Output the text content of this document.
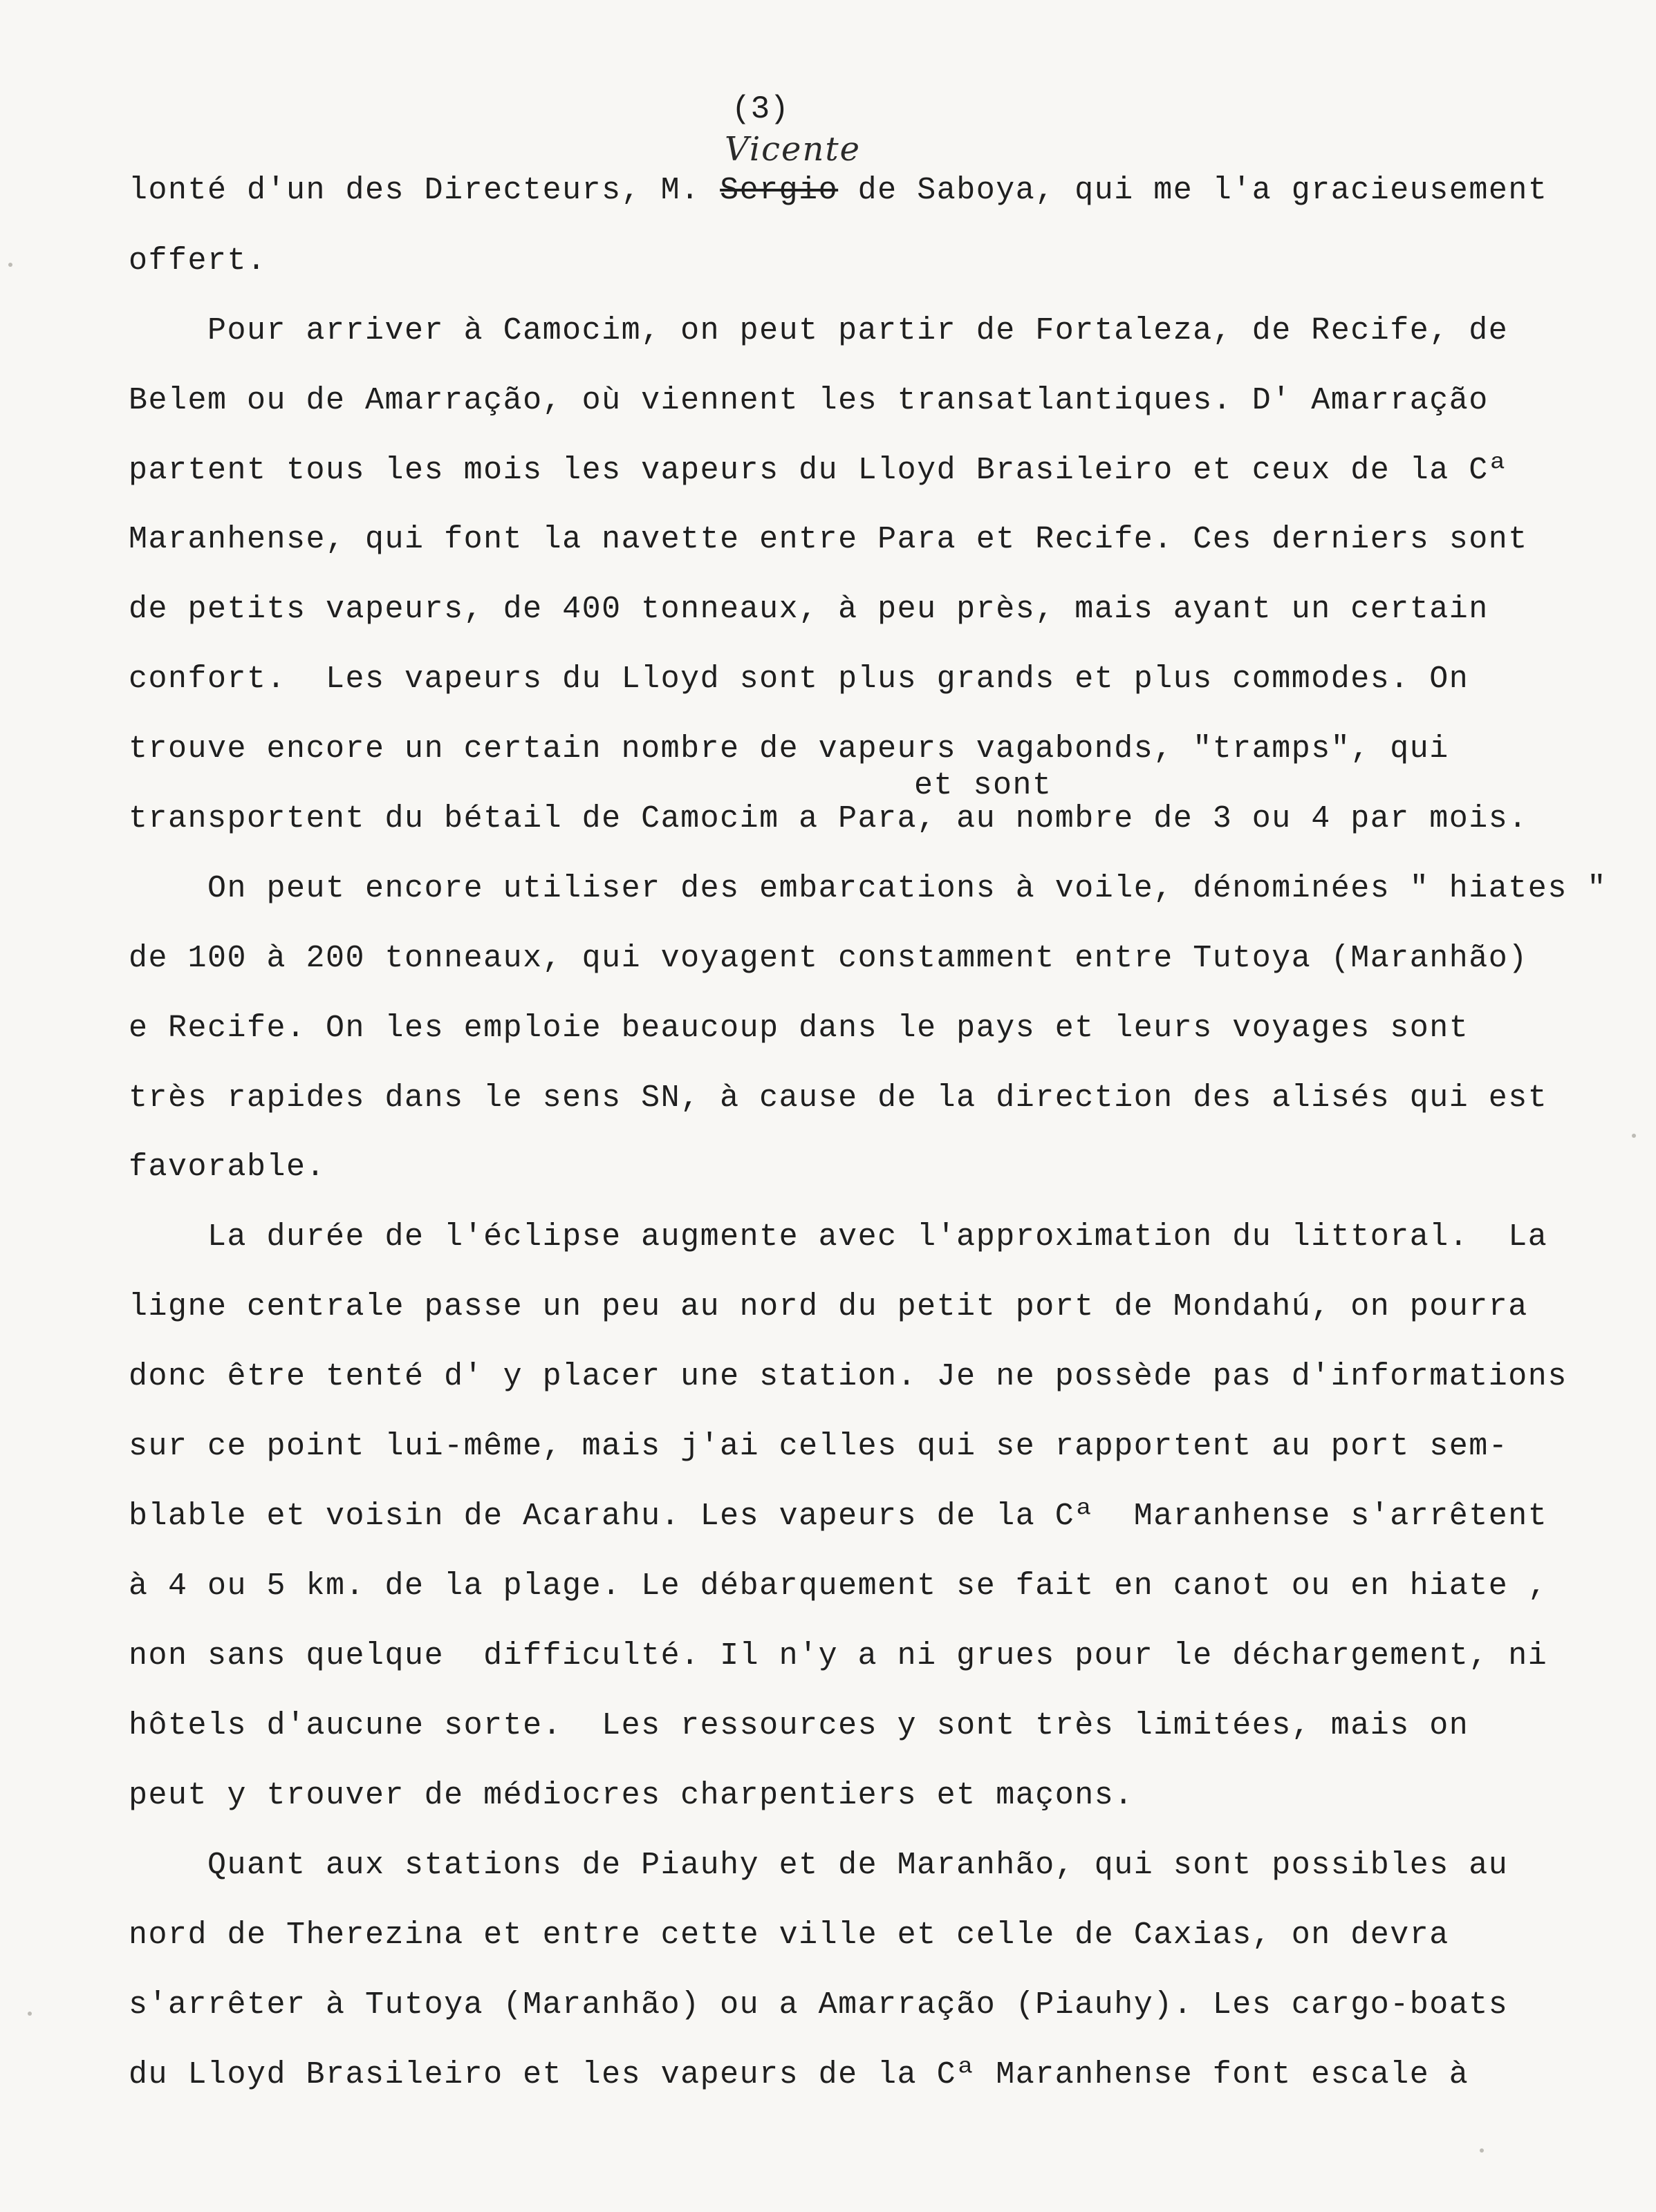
(3)
Vicente
lonté d'un des Directeurs, M. Sergio de Saboya, qui me l'a gracieusement
offert.
Pour arriver à Camocim, on peut partir de Fortaleza, de Recife, de
Belem ou de Amarração, où viennent les transatlantiques. D' Amarração
partent tous les mois les vapeurs du Lloyd Brasileiro et ceux de la Cª
Maranhense, qui font la navette entre Para et Recife. Ces derniers sont
de petits vapeurs, de 400 tonneaux, à peu près, mais ayant un certain
confort.  Les vapeurs du Lloyd sont plus grands et plus commodes. On
trouve encore un certain nombre de vapeurs vagabonds, "tramps", qui
et sont
transportent du bétail de Camocim a Para, au nombre de 3 ou 4 par mois.
On peut encore utiliser des embarcations à voile, dénominées " hiates "
de 100 à 200 tonneaux, qui voyagent constamment entre Tutoya (Maranhão)
e Recife. On les emploie beaucoup dans le pays et leurs voyages sont
très rapides dans le sens SN, à cause de la direction des alisés qui est
favorable.
La durée de l'éclipse augmente avec l'approximation du littoral.  La
ligne centrale passe un peu au nord du petit port de Mondahú, on pourra
donc être tenté d' y placer une station. Je ne possède pas d'informations
sur ce point lui-même, mais j'ai celles qui se rapportent au port sem-
blable et voisin de Acarahu. Les vapeurs de la Cª  Maranhense s'arrêtent
à 4 ou 5 km. de la plage. Le débarquement se fait en canot ou en hiate ,
non sans quelque  difficulté. Il n'y a ni grues pour le déchargement, ni
hôtels d'aucune sorte.  Les ressources y sont très limitées, mais on
peut y trouver de médiocres charpentiers et maçons.
Quant aux stations de Piauhy et de Maranhão, qui sont possibles au
nord de Therezina et entre cette ville et celle de Caxias, on devra
s'arrêter à Tutoya (Maranhão) ou a Amarração (Piauhy). Les cargo-boats
du Lloyd Brasileiro et les vapeurs de la Cª Maranhense font escale à
